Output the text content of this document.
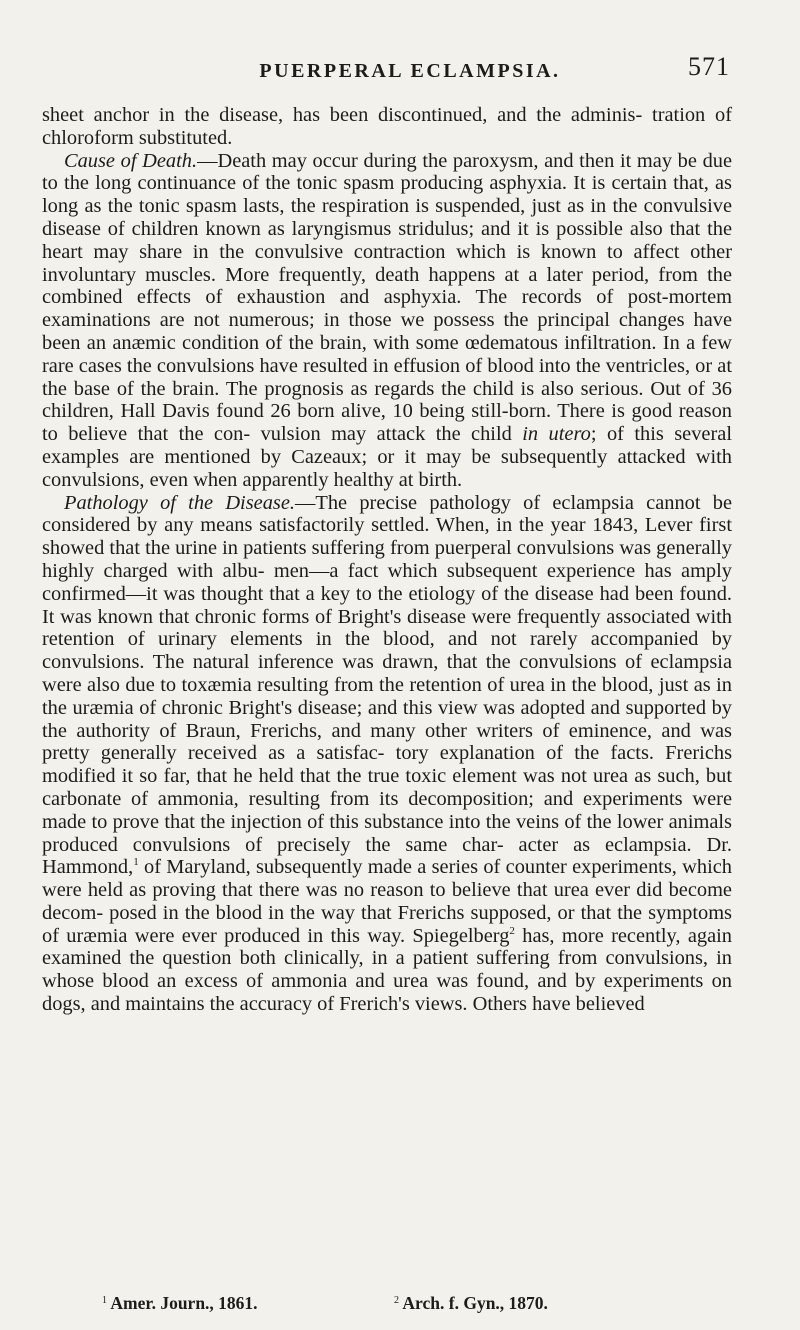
PUERPERAL ECLAMPSIA.	571

sheet anchor in the disease, has been discontinued, and the adminis- tration of chloroform substituted.

Cause of Death.—Death may occur during the paroxysm, and then it may be due to the long continuance of the tonic spasm producing asphyxia. It is certain that, as long as the tonic spasm lasts, the respiration is suspended, just as in the convulsive disease of children known as laryngismus stridulus; and it is possible also that the heart may share in the convulsive contraction which is known to affect other involuntary muscles. More frequently, death happens at a later period, from the combined effects of exhaustion and asphyxia. The records of post-mortem examinations are not numerous; in those we possess the principal changes have been an anæmic condition of the brain, with some œdematous infiltration. In a few rare cases the convulsions have resulted in effusion of blood into the ventricles, or at the base of the brain. The prognosis as regards the child is also serious. Out of 36 children, Hall Davis found 26 born alive, 10 being still-born. There is good reason to believe that the con- vulsion may attack the child in utero; of this several examples are mentioned by Cazeaux; or it may be subsequently attacked with convulsions, even when apparently healthy at birth.

Pathology of the Disease.—The precise pathology of eclampsia cannot be considered by any means satisfactorily settled. When, in the year 1843, Lever first showed that the urine in patients suffering from puerperal convulsions was generally highly charged with albu- men—a fact which subsequent experience has amply confirmed—it was thought that a key to the etiology of the disease had been found. It was known that chronic forms of Bright's disease were frequently associated with retention of urinary elements in the blood, and not rarely accompanied by convulsions. The natural inference was drawn, that the convulsions of eclampsia were also due to toxæmia resulting from the retention of urea in the blood, just as in the uræmia of chronic Bright's disease; and this view was adopted and supported by the authority of Braun, Frerichs, and many other writers of eminence, and was pretty generally received as a satisfac- tory explanation of the facts. Frerichs modified it so far, that he held that the true toxic element was not urea as such, but carbonate of ammonia, resulting from its decomposition; and experiments were made to prove that the injection of this substance into the veins of the lower animals produced convulsions of precisely the same char- acter as eclampsia. Dr. Hammond,$^1$ of Maryland, subsequently made a series of counter experiments, which were held as proving that there was no reason to believe that urea ever did become decom- posed in the blood in the way that Frerichs supposed, or that the symptoms of uræmia were ever produced in this way. Spiegelberg$^2$ has, more recently, again examined the question both clinically, in a patient suffering from convulsions, in whose blood an excess of ammonia and urea was found, and by experiments on dogs, and maintains the accuracy of Frerich's views. Others have believed

$^1$ Amer. Journ., 1861.	$^2$ Arch. f. Gyn., 1870.
